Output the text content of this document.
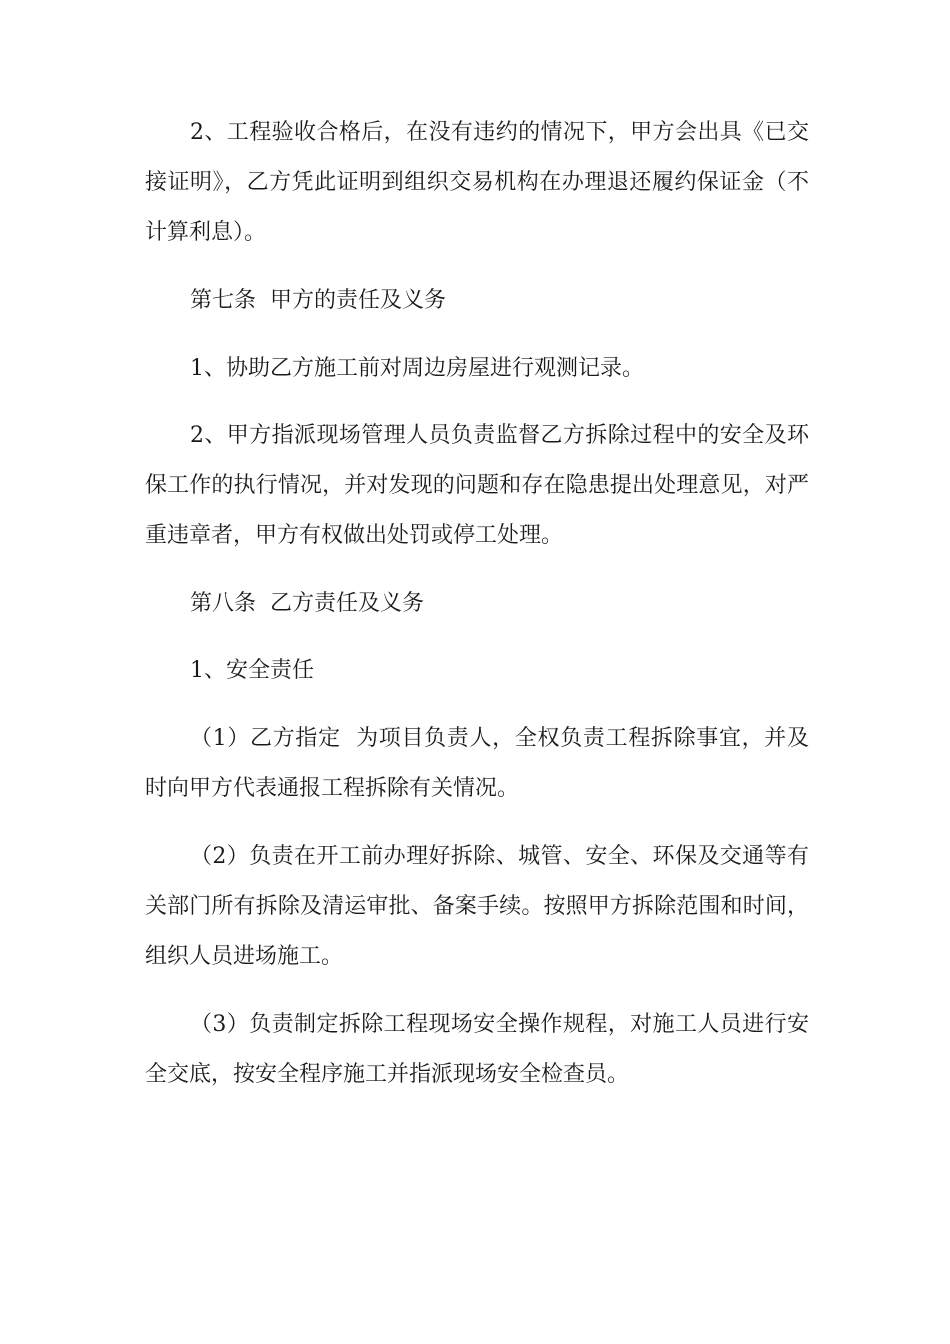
2、工程验收合格后，在没有违约的情况下，甲方会出具《已交接证明》，乙方凭此证明到组织交易机构在办理退还履约保证金（不计算利息）。

第七条  甲方的责任及义务

1、协助乙方施工前对周边房屋进行观测记录。

2、甲方指派现场管理人员负责监督乙方拆除过程中的安全及环保工作的执行情况，并对发现的问题和存在隐患提出处理意见，对严重违章者，甲方有权做出处罚或停工处理。

第八条  乙方责任及义务

1、安全责任

（1）乙方指定  为项目负责人，全权负责工程拆除事宜，并及时向甲方代表通报工程拆除有关情况。

（2）负责在开工前办理好拆除、城管、安全、环保及交通等有关部门所有拆除及清运审批、备案手续。按照甲方拆除范围和时间，组织人员进场施工。

（3）负责制定拆除工程现场安全操作规程，对施工人员进行安全交底，按安全程序施工并指派现场安全检查员。
